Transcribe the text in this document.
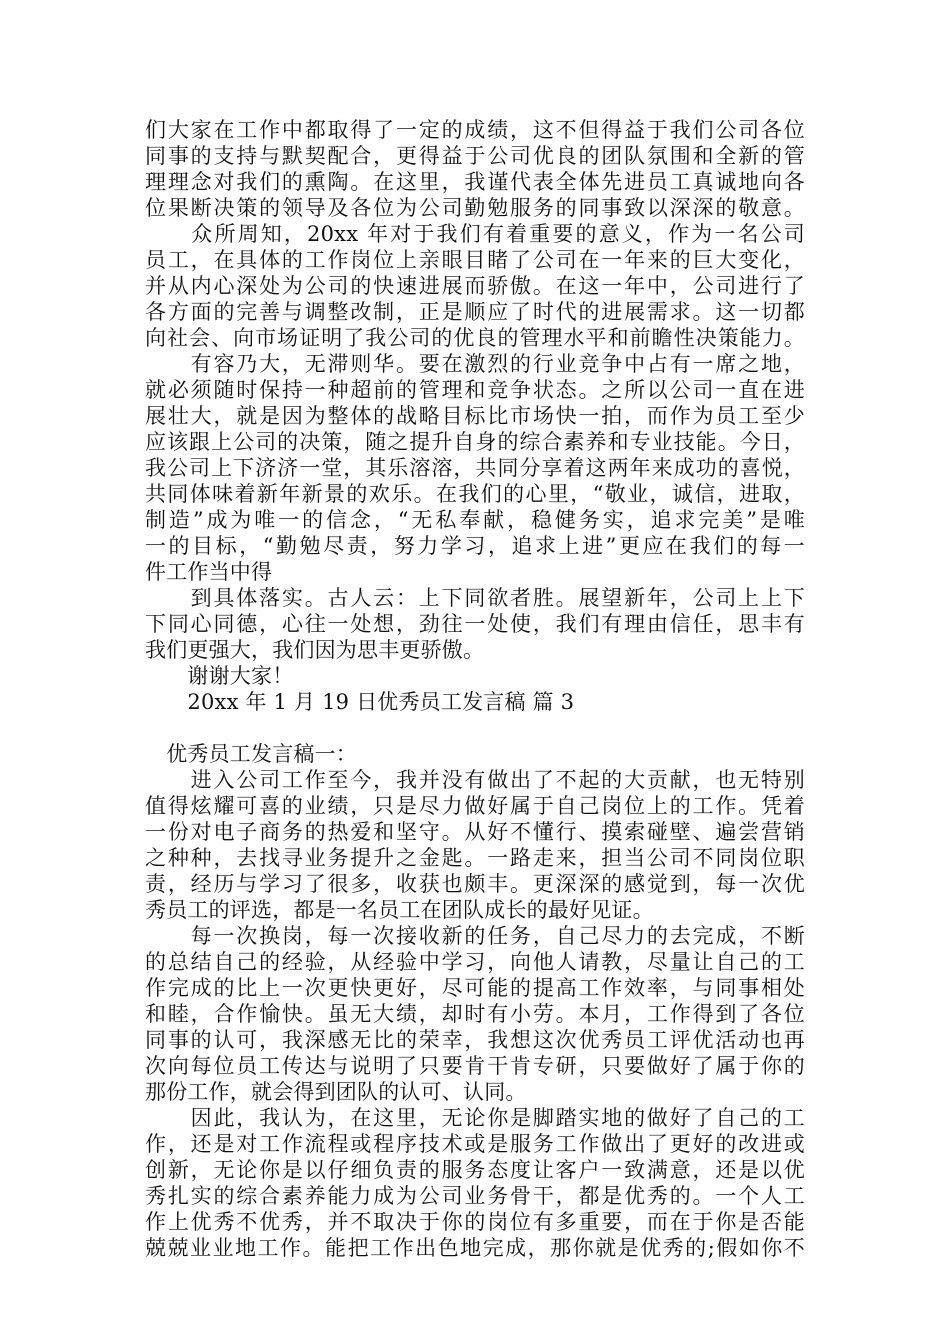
们大家在工作中都取得了一定的成绩，这不但得益于我们公司各位
同事的支持与默契配合，更得益于公司优良的团队氛围和全新的管
理理念对我们的熏陶。在这里，我谨代表全体先进员工真诚地向各
位果断决策的领导及各位为公司勤勉服务的同事致以深深的敬意。
　　众所周知，20xx 年对于我们有着重要的意义，作为一名公司
员工，在具体的工作岗位上亲眼目睹了公司在一年来的巨大变化，
并从内心深处为公司的快速进展而骄傲。在这一年中，公司进行了
各方面的完善与调整改制，正是顺应了时代的进展需求。这一切都
向社会、向市场证明了我公司的优良的管理水平和前瞻性决策能力。
　　有容乃大，无滞则华。要在激烈的行业竞争中占有一席之地，
就必须随时保持一种超前的管理和竞争状态。之所以公司一直在进
展壮大，就是因为整体的战略目标比市场快一拍，而作为员工至少
应该跟上公司的决策，随之提升自身的综合素养和专业技能。今日，
我公司上下济济一堂，其乐溶溶，共同分享着这两年来成功的喜悦，
共同体味着新年新景的欢乐。在我们的心里，“敬业，诚信，进取，
制造”成为唯一的信念，“无私奉献，稳健务实，追求完美”是唯
一的目标，“勤勉尽责，努力学习，追求上进”更应在我们的每一
件工作当中得
　　到具体落实。古人云：上下同欲者胜。展望新年，公司上上下
下同心同德，心往一处想，劲往一处使，我们有理由信任，思丰有
我们更强大，我们因为思丰更骄傲。
　　谢谢大家！
　　20xx 年 1 月 19 日优秀员工发言稿 篇 3
　优秀员工发言稿一：
　　进入公司工作至今，我并没有做出了不起的大贡献，也无特别
值得炫耀可喜的业绩，只是尽力做好属于自己岗位上的工作。凭着
一份对电子商务的热爱和坚守。从好不懂行、摸索碰壁、遍尝营销
之种种，去找寻业务提升之金匙。一路走来，担当公司不同岗位职
责，经历与学习了很多，收获也颇丰。更深深的感觉到，每一次优
秀员工的评选，都是一名员工在团队成长的最好见证。
　　每一次换岗，每一次接收新的任务，自己尽力的去完成，不断
的总结自己的经验，从经验中学习，向他人请教，尽量让自己的工
作完成的比上一次更快更好，尽可能的提高工作效率，与同事相处
和睦，合作愉快。虽无大绩，却时有小劳。本月，工作得到了各位
同事的认可，我深感无比的荣幸，我想这次优秀员工评优活动也再
次向每位员工传达与说明了只要肯干肯专研，只要做好了属于你的
那份工作，就会得到团队的认可、认同。
　　因此，我认为，在这里，无论你是脚踏实地的做好了自己的工
作，还是对工作流程或程序技术或是服务工作做出了更好的改进或
创新，无论你是以仔细负责的服务态度让客户一致满意，还是以优
秀扎实的综合素养能力成为公司业务骨干，都是优秀的。一个人工
作上优秀不优秀，并不取决于你的岗位有多重要，而在于你是否能
兢兢业业地工作。能把工作出色地完成，那你就是优秀的;假如你不
